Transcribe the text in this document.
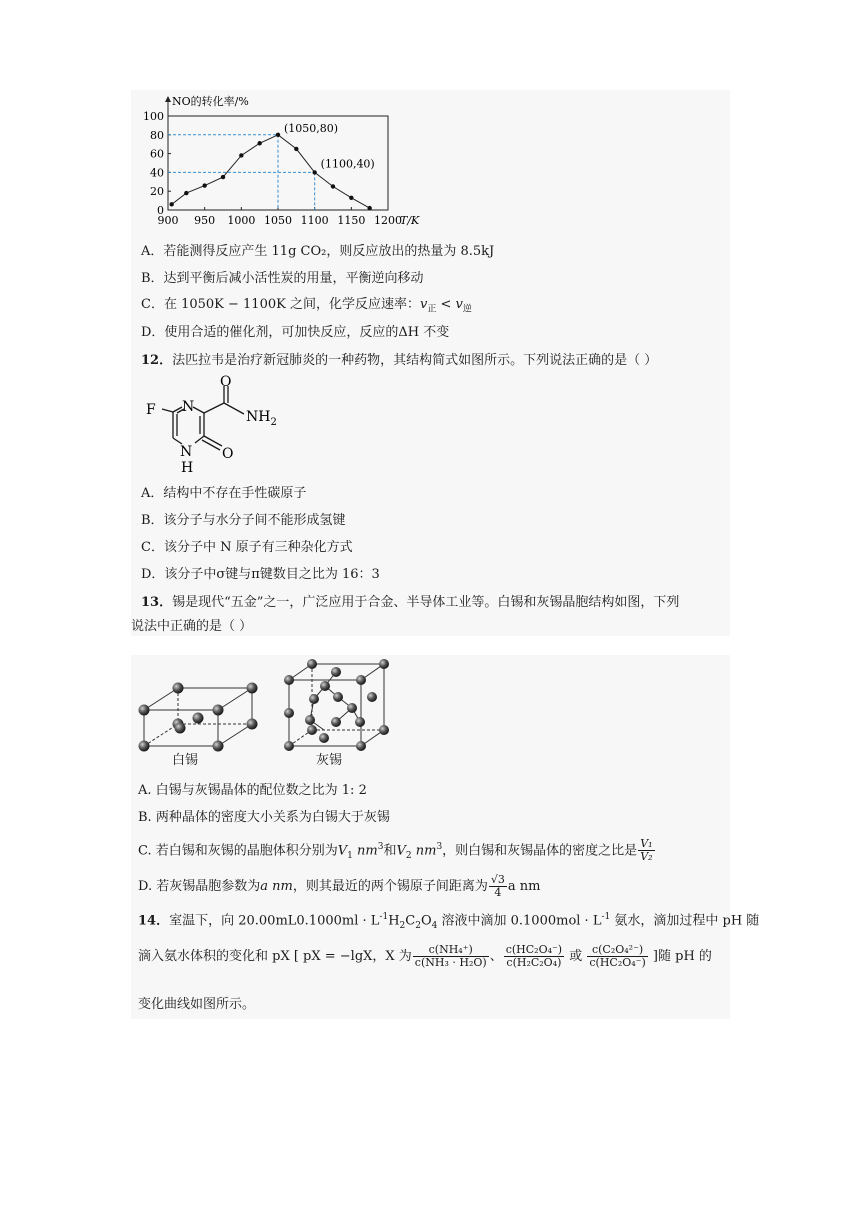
NO的转化率/%
0
20
40
60
80
100
900 950 1000 1050 1100 1150 1200
T/K
(1050,80)
(1100,40)
A．若能测得反应产生 11g CO₂，则反应放出的热量为 8.5kJ
B．达到平衡后减小活性炭的用量，平衡逆向移动
C．在 1050K − 1100K 之间，化学反应速率：$v_正 < v_逆$
D．使用合适的催化剂，可加快反应，反应的ΔH 不变
12．法匹拉韦是治疗新冠肺炎的一种药物，其结构简式如图所示。下列说法正确的是（ ）
O
F N
$NH_2$
N
H
O
A．结构中不存在手性碳原子
B．该分子与水分子间不能形成氢键
C．该分子中 N 原子有三种杂化方式
D．该分子中σ键与π键数目之比为 16：3
13．锡是现代“五金”之一，广泛应用于合金、半导体工业等。白锡和灰锡晶胞结构如图，下列
说法中正确的是（ ）
白锡	灰锡
A. 白锡与灰锡晶体的配位数之比为 1: 2
B. 两种晶体的密度大小关系为白锡大于灰锡
C. 若白锡和灰锡的晶胞体积分别为$V_1$ $nm^3$和$V_2$ $nm^3$，则白锡和灰锡晶体的密度之比是 $\frac{\text{V₁}}{\text{V₂}}$
D. 若灰锡晶胞参数为a nm，则其最近的两个锡原子间距离为 $\frac{√3}{4}$ a nm
14．室温下，向 $20.00mL0.1000ml \cdot L^{-1}H_2C_2O_4$ 溶液中滴加 $0.1000mol \cdot L^{-1}$ 氨水，滴加过程中 pH 随
滴入氨水体积的变化和 pX [ pX = −lgX，X 为 $\frac{\text{c(NH₄⁺)}}{\text{c(NH₃ · H₂O)}}$ 、 $\frac{\text{c(HC₂O₄⁻)}}{\text{c(H₂C₂O₄)}}$ 或 $\frac{\text{c(C₂O₄²⁻)}}{\text{c(HC₂O₄⁻)}}$ ]随 pH 的
变化曲线如图所示。
